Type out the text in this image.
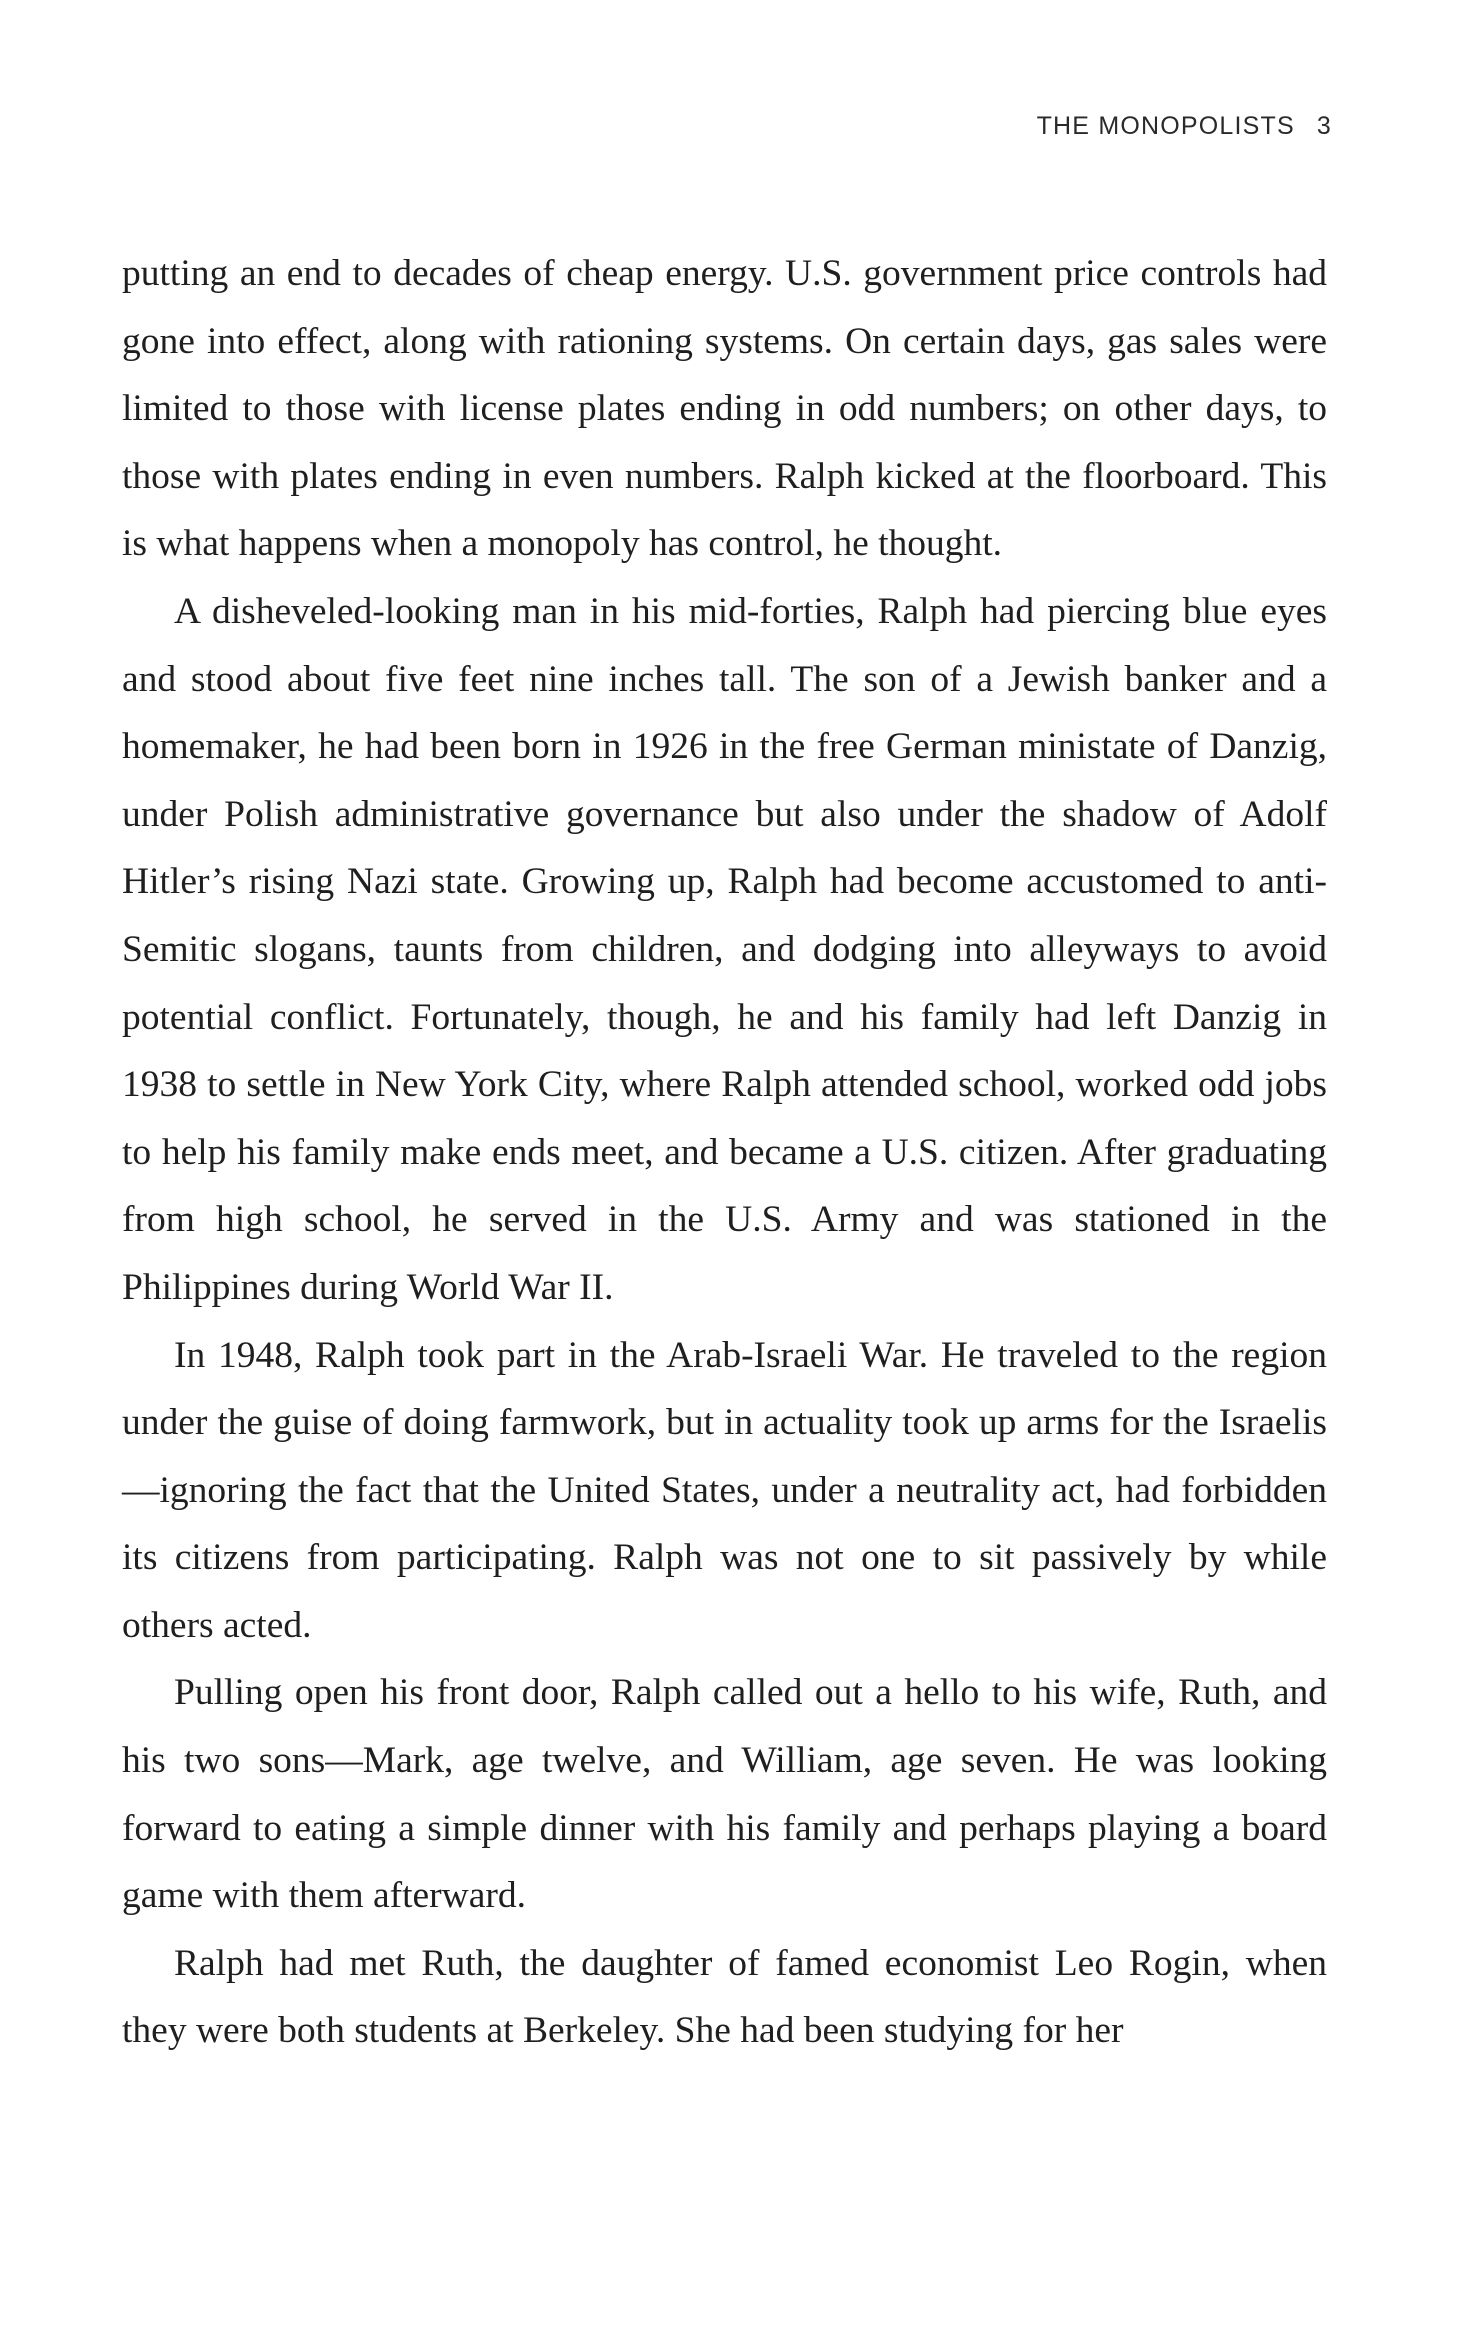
THE MONOPOLISTS 3

putting an end to decades of cheap energy. U.S. government price controls had gone into effect, along with rationing systems. On certain days, gas sales were limited to those with license plates ending in odd numbers; on other days, to those with plates ending in even numbers. Ralph kicked at the floorboard. This is what happens when a monopoly has control, he thought.

A disheveled-looking man in his mid-forties, Ralph had piercing blue eyes and stood about five feet nine inches tall. The son of a Jewish banker and a homemaker, he had been born in 1926 in the free German ministate of Danzig, under Polish administrative governance but also under the shadow of Adolf Hitler’s rising Nazi state. Growing up, Ralph had become accustomed to anti-Semitic slogans, taunts from children, and dodging into alleyways to avoid potential conflict. Fortunately, though, he and his family had left Danzig in 1938 to settle in New York City, where Ralph attended school, worked odd jobs to help his family make ends meet, and became a U.S. citizen. After graduating from high school, he served in the U.S. Army and was stationed in the Philippines during World War II.

In 1948, Ralph took part in the Arab-Israeli War. He traveled to the region under the guise of doing farmwork, but in actuality took up arms for the Israelis—ignoring the fact that the United States, under a neutrality act, had forbidden its citizens from participating. Ralph was not one to sit passively by while others acted.

Pulling open his front door, Ralph called out a hello to his wife, Ruth, and his two sons—Mark, age twelve, and William, age seven. He was looking forward to eating a simple dinner with his family and perhaps playing a board game with them afterward.

Ralph had met Ruth, the daughter of famed economist Leo Rogin, when they were both students at Berkeley. She had been studying for her
